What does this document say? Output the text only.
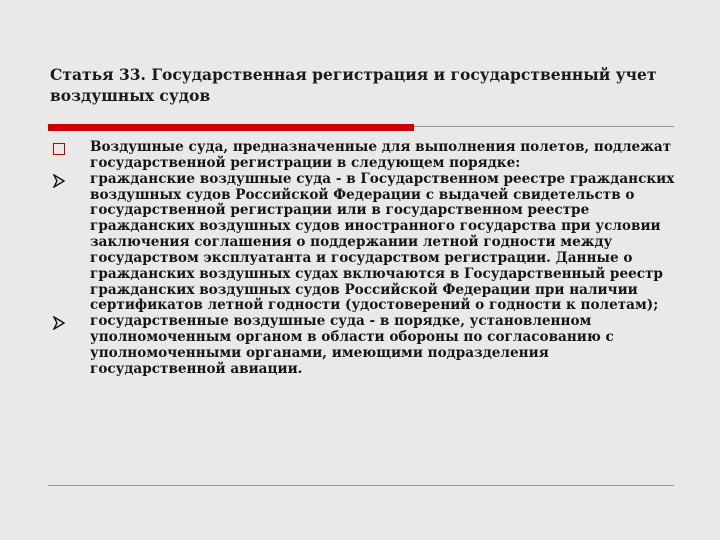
Статья 33. Государственная регистрация и государственный учет воздушных судов
Воздушные суда, предназначенные для выполнения полетов, подлежат государственной регистрации в следующем порядке:
гражданские воздушные суда - в Государственном реестре гражданских воздушных судов Российской Федерации с выдачей свидетельств о государственной регистрации или в государственном реестре гражданских воздушных судов иностранного государства при условии заключения соглашения о поддержании летной годности между государством эксплуатанта и государством регистрации. Данные о гражданских воздушных судах включаются в Государственный реестр гражданских воздушных судов Российской Федерации при наличии сертификатов летной годности (удостоверений о годности к полетам);
государственные воздушные суда - в порядке, установленном уполномоченным органом в области обороны по согласованию с уполномоченными органами, имеющими подразделения государственной авиации.
